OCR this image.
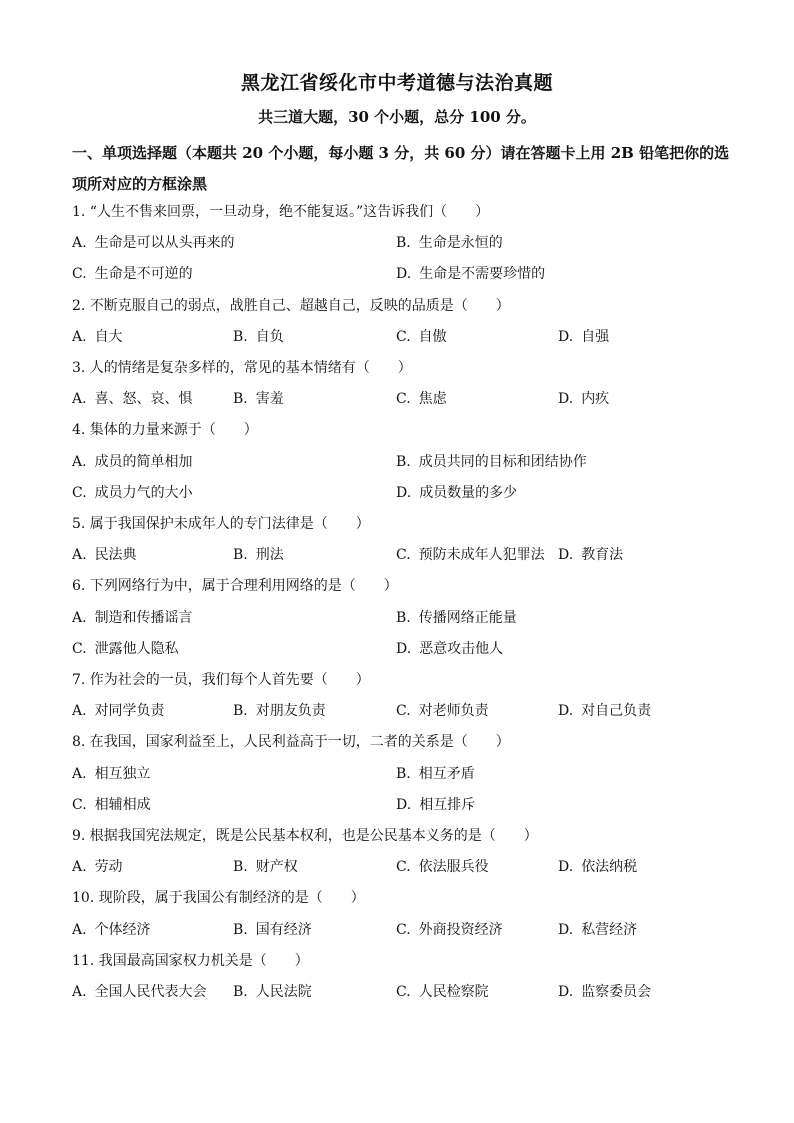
黑龙江省绥化市中考道德与法治真题
共三道大题，30 个小题，总分 100 分。
一、单项选择题（本题共 20 个小题，每小题 3 分，共 60 分）请在答题卡上用 2B 铅笔把你的选项所对应的方框涂黑
1. “人生不售来回票，一旦动身，绝不能复返。”这告诉我们（　　）
A. 生命是可以从头再来的	B. 生命是永恒的
C. 生命是不可逆的	D. 生命是不需要珍惜的
2. 不断克服自己的弱点，战胜自己、超越自己，反映的品质是（　　）
A. 自大	B. 自负	C. 自傲	D. 自强
3. 人的情绪是复杂多样的，常见的基本情绪有（　　）
A. 喜、怒、哀、惧	B. 害羞	C. 焦虑	D. 内疚
4. 集体的力量来源于（　　）
A. 成员的简单相加	B. 成员共同的目标和团结协作
C. 成员力气的大小	D. 成员数量的多少
5. 属于我国保护未成年人的专门法律是（　　）
A. 民法典	B. 刑法	C. 预防未成年人犯罪法 D. 教育法
6. 下列网络行为中，属于合理利用网络的是（　　）
A. 制造和传播谣言	B. 传播网络正能量
C. 泄露他人隐私	D. 恶意攻击他人
7. 作为社会的一员，我们每个人首先要（　　）
A. 对同学负责	B. 对朋友负责	C. 对老师负责	D. 对自己负责
8. 在我国，国家利益至上，人民利益高于一切，二者的关系是（　　）
A. 相互独立	B. 相互矛盾
C. 相辅相成	D. 相互排斥
9. 根据我国宪法规定，既是公民基本权利，也是公民基本义务的是（　　）
A. 劳动	B. 财产权	C. 依法服兵役	D. 依法纳税
10. 现阶段，属于我国公有制经济的是（　　）
A. 个体经济	B. 国有经济	C. 外商投资经济	D. 私营经济
11. 我国最高国家权力机关是（　　）
A. 全国人民代表大会 B. 人民法院	C. 人民检察院	D. 监察委员会
